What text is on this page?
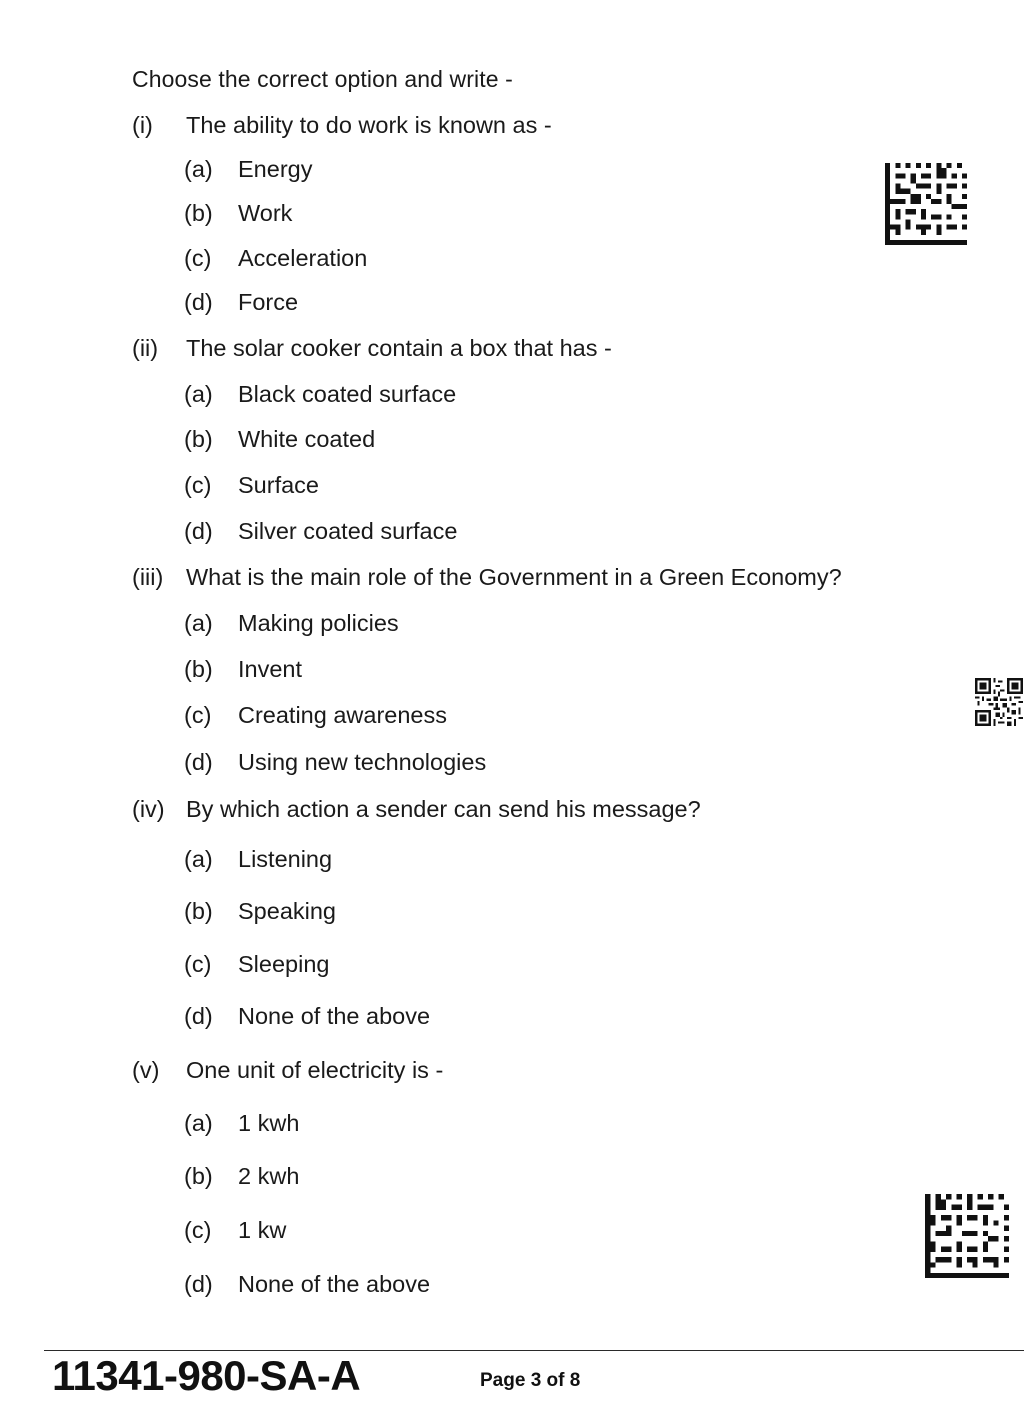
Choose the correct option and write -
(i)	The ability to do work is known as -
(a)	Energy
(b)	Work
(c)	Acceleration
(d)	Force
(ii)	The solar cooker contain a box that has -
(a)	Black coated surface
(b)	White coated
(c)	Surface
(d)	Silver coated surface
(iii) What is the main role of the Government in a Green Economy?
(a)	Making policies
(b)	Invent
(c)	Creating awareness
(d)	Using new technologies
(iv) By which action a sender can send his message?
(a)	Listening
(b)	Speaking
(c)	Sleeping
(d)	None of the above
(v)	One unit of electricity is -
(a)	1 kwh
(b)	2 kwh
(c)	1 kw
(d)	None of the above
11341-980-SA-A	Page 3 of 8
